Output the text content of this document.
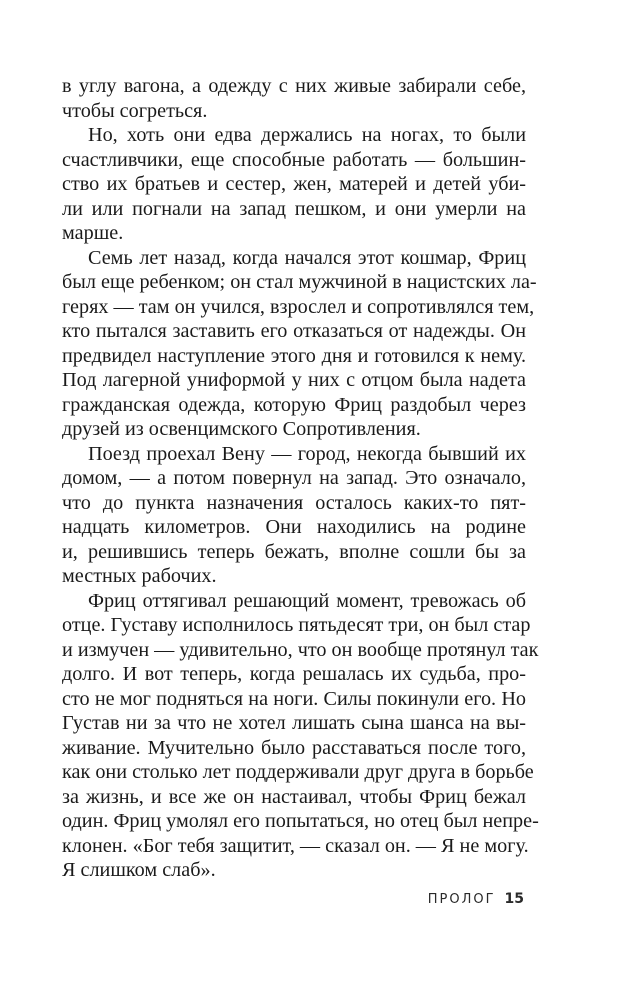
в углу вагона, а одежду с них живые забирали себе,
чтобы согреться.
Но, хоть они едва держались на ногах, то были
счастливчики, еще способные работать — большин-
ство их братьев и сестер, жен, матерей и детей уби-
ли или погнали на запад пешком, и они умерли на
марше.
Семь лет назад, когда начался этот кошмар, Фриц
был еще ребенком; он стал мужчиной в нацистских ла-
герях — там он учился, взрослел и сопротивлялся тем,
кто пытался заставить его отказаться от надежды. Он
предвидел наступление этого дня и готовился к нему.
Под лагерной униформой у них с отцом была надета
гражданская одежда, которую Фриц раздобыл через
друзей из освенцимского Сопротивления.
Поезд проехал Вену — город, некогда бывший их
домом, — а потом повернул на запад. Это означало,
что до пункта назначения осталось каких-то пят-
надцать километров. Они находились на родине
и, решившись теперь бежать, вполне сошли бы за
местных рабочих.
Фриц оттягивал решающий момент, тревожась об
отце. Густаву исполнилось пятьдесят три, он был стар
и измучен — удивительно, что он вообще протянул так
долго. И вот теперь, когда решалась их судьба, про-
сто не мог подняться на ноги. Силы покинули его. Но
Густав ни за что не хотел лишать сына шанса на вы-
живание. Мучительно было расставаться после того,
как они столько лет поддерживали друг друга в борьбе
за жизнь, и все же он настаивал, чтобы Фриц бежал
один. Фриц умолял его попытаться, но отец был непре-
клонен. «Бог тебя защитит, — сказал он. — Я не могу.
Я слишком слаб».
ПРОЛОГ 15
